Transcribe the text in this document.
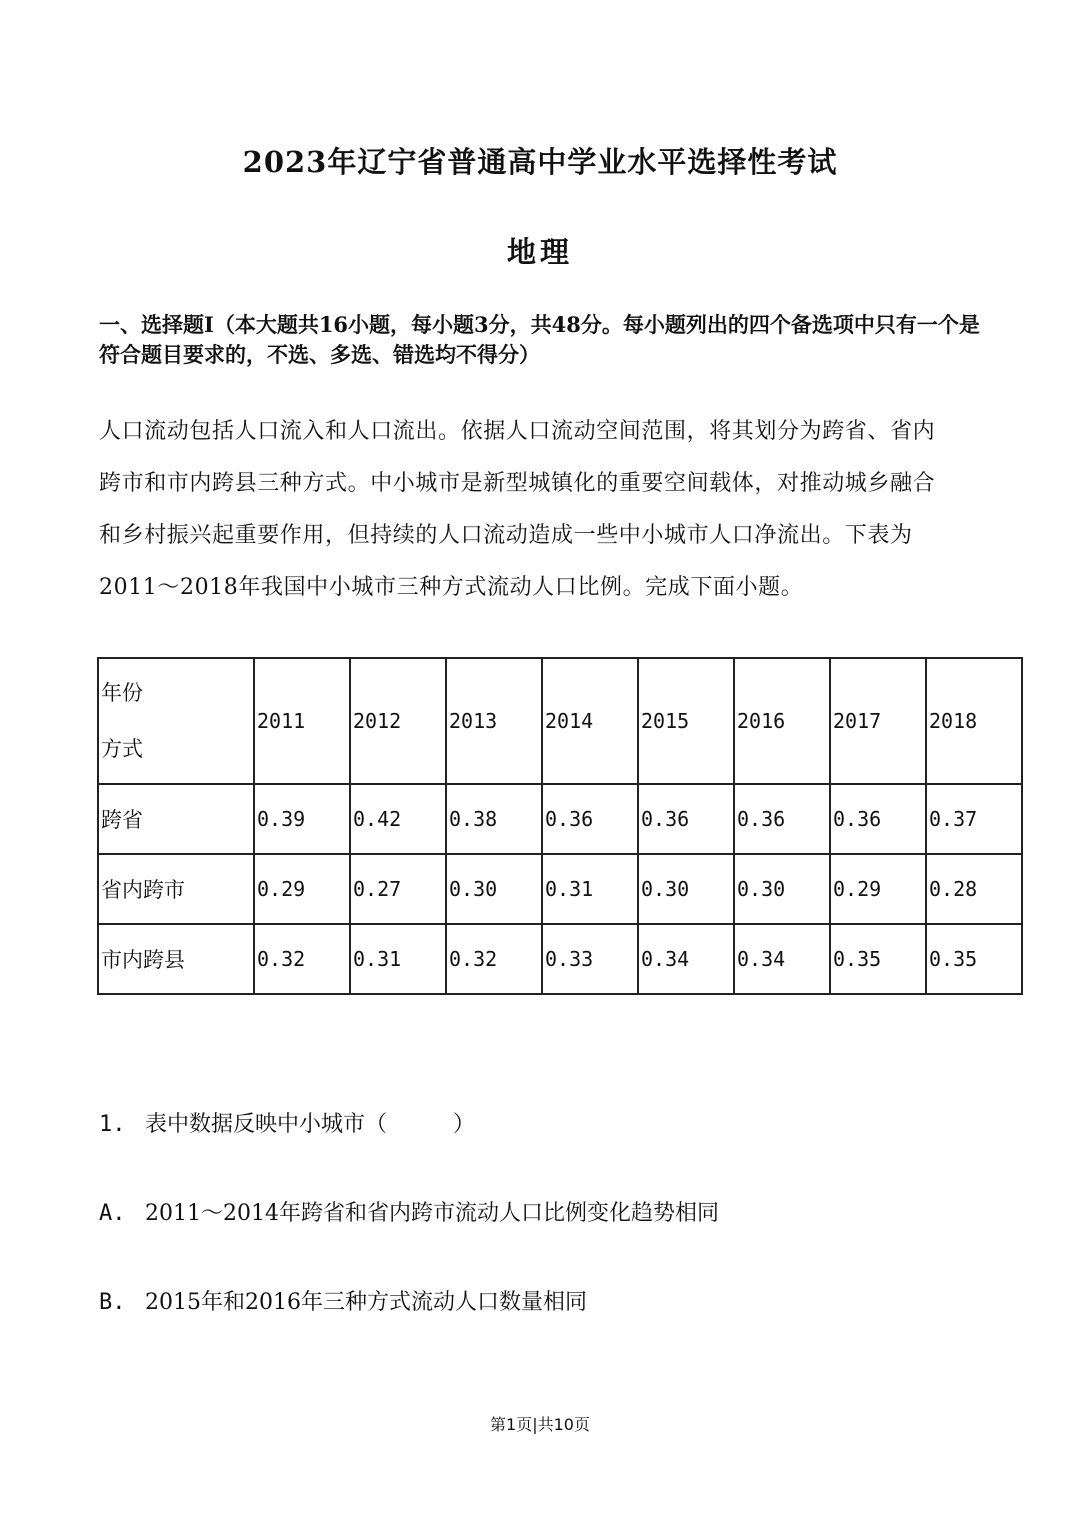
2023年辽宁省普通高中学业水平选择性考试
地理
一、选择题Ⅰ（本大题共16小题，每小题3分，共48分。每小题列出的四个备选项中只有一个是符合题目要求的，不选、多选、错选均不得分）
人口流动包括人口流入和人口流出。依据人口流动空间范围，将其划分为跨省、省内
跨市和市内跨县三种方式。中小城市是新型城镇化的重要空间载体，对推动城乡融合
和乡村振兴起重要作用，但持续的人口流动造成一些中小城市人口净流出。下表为
2011～2018年我国中小城市三种方式流动人口比例。完成下面小题。
年份
方式	2011	2012	2013	2014	2015	2016	2017	2018
跨省	0.39	0.42	0.38	0.36	0.36	0.36	0.36	0.37
省内跨市	0.29	0.27	0.30	0.31	0.30	0.30	0.29	0.28
市内跨县	0.32	0.31	0.32	0.33	0.34	0.34	0.35	0.35
1. 表中数据反映中小城市（　　　）
A. 2011～2014年跨省和省内跨市流动人口比例变化趋势相同
B. 2015年和2016年三种方式流动人口数量相同
第1页|共10页
